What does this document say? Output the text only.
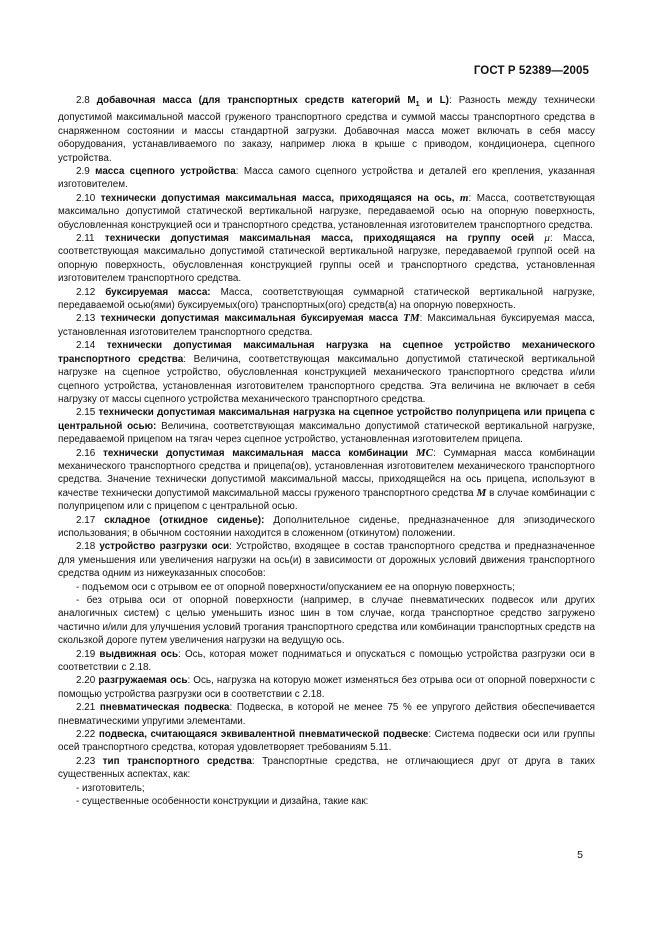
ГОСТ Р 52389—2005

2.8 добавочная масса (для транспортных средств категорий $М_1$ и L): Разность между технически допустимой максимальной массой груженого транспортного средства и суммой массы транспортного средства в снаряженном состоянии и массы стандартной загрузки. Добавочная масса может включать в себя массу оборудования, устанавливаемого по заказу, например люка в крыше с приводом, кондиционера, сцепного устройства.

2.9 масса сцепного устройства: Масса самого сцепного устройства и деталей его крепления, указанная изготовителем.

2.10 технически допустимая максимальная масса, приходящаяся на ось, m: Масса, соответствующая максимально допустимой статической вертикальной нагрузке, передаваемой осью на опорную поверхность, обусловленная конструкцией оси и транспортного средства, установленная изготовителем транспортного средства.

2.11 технически допустимая максимальная масса, приходящаяся на группу осей μ: Масса, соответствующая максимально допустимой статической вертикальной нагрузке, передаваемой группой осей на опорную поверхность, обусловленная конструкцией группы осей и транспортного средства, установленная изготовителем транспортного средства.

2.12 буксируемая масса: Масса, соответствующая суммарной статической вертикальной нагрузке, передаваемой осью(ями) буксируемых(ого) транспортных(ого) средств(а) на опорную поверхность.

2.13 технически допустимая максимальная буксируемая масса TM: Максимальная буксируемая масса, установленная изготовителем транспортного средства.

2.14 технически допустимая максимальная нагрузка на сцепное устройство механического транспортного средства: Величина, соответствующая максимально допустимой статической вертикальной нагрузке на сцепное устройство, обусловленная конструкцией механического транспортного средства и/или сцепного устройства, установленная изготовителем транспортного средства. Эта величина не включает в себя нагрузку от массы сцепного устройства механического транспортного средства.

2.15 технически допустимая максимальная нагрузка на сцепное устройство полуприцепа или прицепа с центральной осью: Величина, соответствующая максимально допустимой статической вертикальной нагрузке, передаваемой прицепом на тягач через сцепное устройство, установленная изготовителем прицепа.

2.16 технически допустимая максимальная масса комбинации MC: Суммарная масса комбинации механического транспортного средства и прицепа(ов), установленная изготовителем механического транспортного средства. Значение технически допустимой максимальной массы, приходящейся на ось прицепа, используют в качестве технически допустимой максимальной массы груженого транспортного средства M в случае комбинации с полуприцепом или с прицепом с центральной осью.

2.17 складное (откидное сиденье): Дополнительное сиденье, предназначенное для эпизодического использования; в обычном состоянии находится в сложенном (откинутом) положении.

2.18 устройство разгрузки оси: Устройство, входящее в состав транспортного средства и предназначенное для уменьшения или увеличения нагрузки на ось(и) в зависимости от дорожных условий движения транспортного средства одним из нижеуказанных способов:

- подъемом оси с отрывом ее от опорной поверхности/опусканием ее на опорную поверхность;

- без отрыва оси от опорной поверхности (например, в случае пневматических подвесок или других аналогичных систем) с целью уменьшить износ шин в том случае, когда транспортное средство загружено частично и/или для улучшения условий трогания транспортного средства или комбинации транспортных средств на скользкой дороге путем увеличения нагрузки на ведущую ось.

2.19 выдвижная ось: Ось, которая может подниматься и опускаться с помощью устройства разгрузки оси в соответствии с 2.18.

2.20 разгружаемая ось: Ось, нагрузка на которую может изменяться без отрыва оси от опорной поверхности с помощью устройства разгрузки оси в соответствии с 2.18.

2.21 пневматическая подвеска: Подвеска, в которой не менее 75 % ее упругого действия обеспечивается пневматическими упругими элементами.

2.22 подвеска, считающаяся эквивалентной пневматической подвеске: Система подвески оси или группы осей транспортного средства, которая удовлетворяет требованиям 5.11.

2.23 тип транспортного средства: Транспортные средства, не отличающиеся друг от друга в таких существенных аспектах, как:

- изготовитель;

- существенные особенности конструкции и дизайна, такие как:

5
